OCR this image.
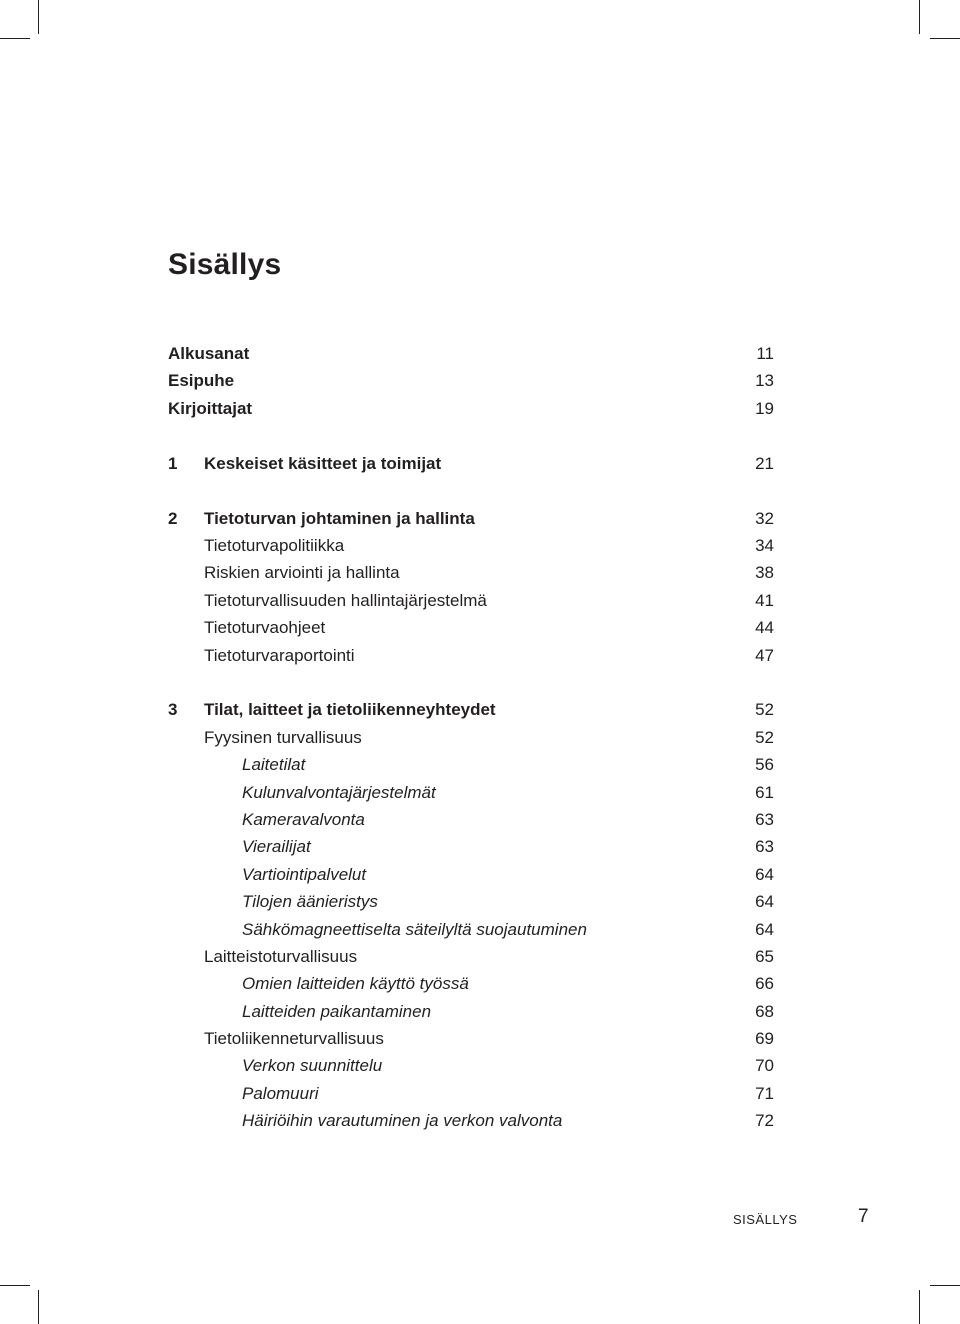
Sisällys
Alkusanat	11
Esipuhe	13
Kirjoittajat	19
1 Keskeiset käsitteet ja toimijat	21
2 Tietoturvan johtaminen ja hallinta	32
Tietoturvapolitiikka	34
Riskien arviointi ja hallinta	38
Tietoturvallisuuden hallintajärjestelmä	41
Tietoturvaohjeet	44
Tietoturvaraportointi	47
3 Tilat, laitteet ja tietoliikenneyhteydet	52
Fyysinen turvallisuus	52
Laitetilat	56
Kulunvalvontajärjestelmät	61
Kameravalvonta	63
Vierailijat	63
Vartiointipalvelut	64
Tilojen äänieristys	64
Sähkömagneettiselta säteilyltä suojautuminen	64
Laitteistoturvallisuus	65
Omien laitteiden käyttö työssä	66
Laitteiden paikantaminen	68
Tietoliikenneturvallisuus	69
Verkon suunnittelu	70
Palomuuri	71
Häiriöihin varautuminen ja verkon valvonta	72
SISÄLLYS	7
